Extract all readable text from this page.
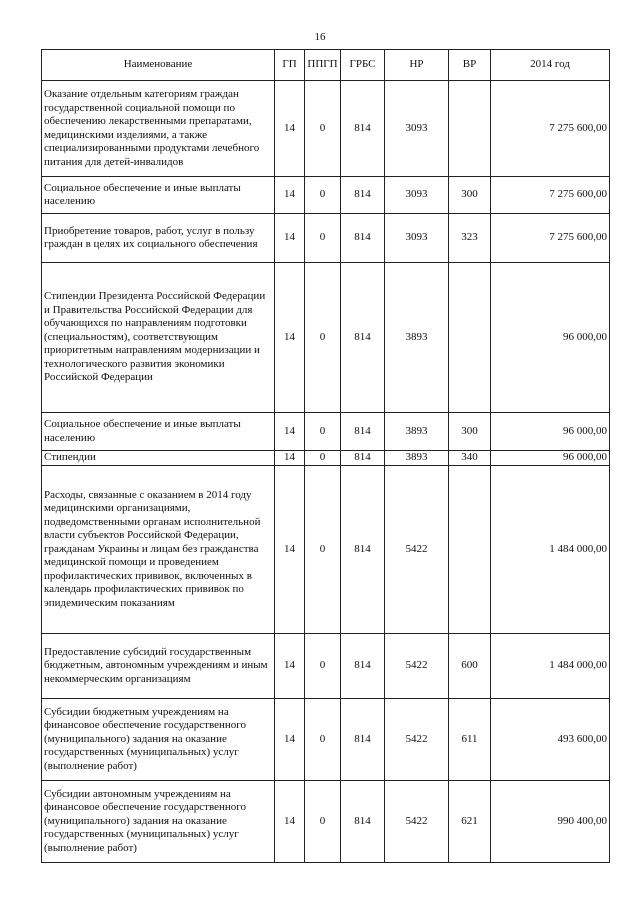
16
Наименование	ГП	ППГП	ГРБС	НР	ВР	2014 год
Оказание отдельным категориям граждан государственной социальной помощи по обеспечению лекарственными препаратами, медицинскими изделиями, а также специализированными продуктами лечебного питания для детей-инвалидов	14	0	814	3093		7 275 600,00
Социальное обеспечение и иные выплаты населению	14	0	814	3093	300	7 275 600,00
Приобретение товаров, работ, услуг в пользу граждан в целях их социального обеспечения	14	0	814	3093	323	7 275 600,00
Стипендии Президента Российской Федерации и Правительства Российской Федерации для обучающихся по направлениям подготовки (специальностям), соответствующим приоритетным направлениям модернизации и технологического развития экономики Российской Федерации	14	0	814	3893		96 000,00
Социальное обеспечение и иные выплаты населению	14	0	814	3893	300	96 000,00
Стипендии	14	0	814	3893	340	96 000,00
Расходы, связанные с оказанием в 2014 году медицинскими организациями, подведомственными органам исполнительной власти субъектов Российской Федерации, гражданам Украины и лицам без гражданства медицинской помощи и проведением профилактических прививок, включенных в календарь профилактических прививок по эпидемическим показаниям	14	0	814	5422		1 484 000,00
Предоставление субсидий государственным бюджетным, автономным учреждениям и иным некоммерческим организациям	14	0	814	5422	600	1 484 000,00
Субсидии бюджетным учреждениям на финансовое обеспечение государственного (муниципального) задания на оказание государственных (муниципальных) услуг (выполнение работ)	14	0	814	5422	611	493 600,00
Субсидии автономным учреждениям на финансовое обеспечение государственного (муниципального) задания на оказание государственных (муниципальных) услуг (выполнение работ)	14	0	814	5422	621	990 400,00
